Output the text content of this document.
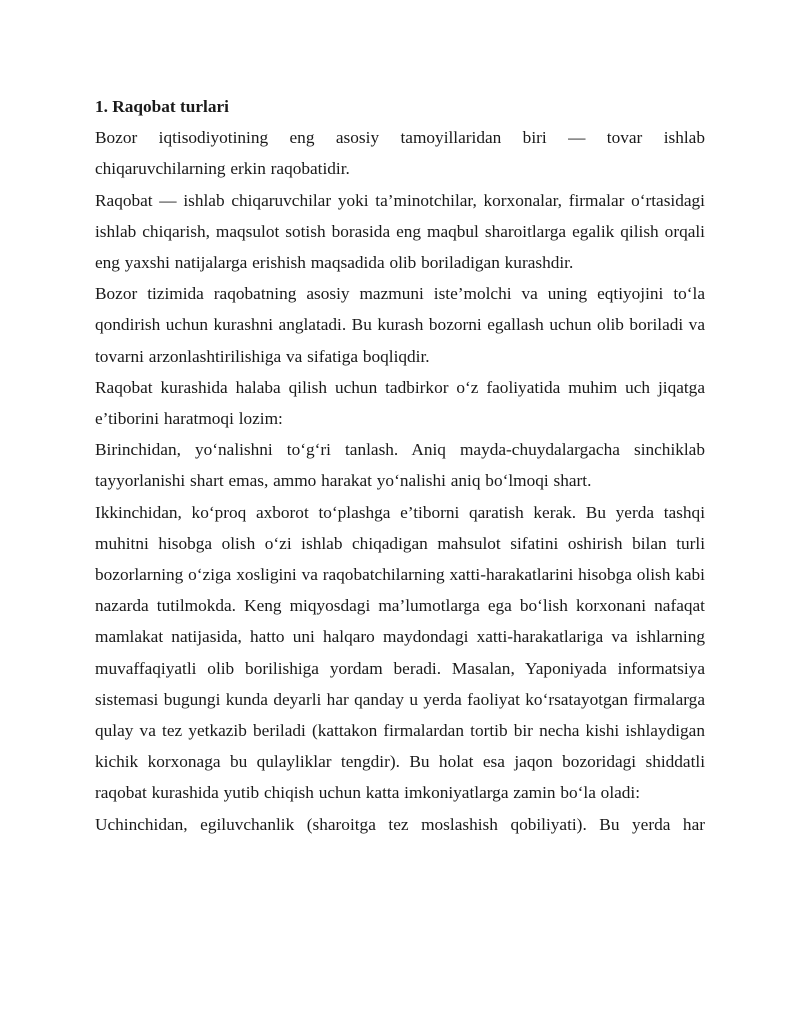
1. Raqobat turlari

Bozor iqtisodiyotining eng asosiy tamoyillaridan biri — tovar ishlab chiqaruvchilarning erkin raqobatidir.

Raqobat — ishlab chiqaruvchilar yoki ta’minotchilar, korxonalar, firmalar o‘rtasidagi ishlab chiqarish, maqsulot sotish borasida eng maqbul sharoitlarga egalik qilish orqali eng yaxshi natijalarga erishish maqsadida olib boriladigan kurashdir.

Bozor tizimida raqobatning asosiy mazmuni iste’molchi va uning eqtiyojini to‘la qondirish uchun kurashni anglatadi. Bu kurash bozorni egallash uchun olib boriladi va tovarni arzonlashtirilishiga va sifatiga boqliqdir.

Raqobat kurashida halaba qilish uchun tadbirkor o‘z faoliyatida muhim uch jiqatga e’tiborini haratmoqi lozim:

Birinchidan, yo‘nalishni to‘g‘ri tanlash. Aniq mayda-chuydalargacha sinchiklab tayyorlanishi shart emas, ammo harakat yo‘nalishi aniq bo‘lmoqi shart.

Ikkinchidan, ko‘proq axborot to‘plashga e’tiborni qaratish kerak. Bu yerda tashqi muhitni hisobga olish o‘zi ishlab chiqadigan mahsulot sifatini oshirish bilan turli bozorlarning o‘ziga xosligini va raqobatchilarning xatti-harakatlarini hisobga olish kabi nazarda tutilmokda. Keng miqyosdagi ma’lumotlarga ega bo‘lish korxonani nafaqat mamlakat natijasida, hatto uni halqaro maydondagi xatti-harakatlariga va ishlarning muvaffaqiyatli olib borilishiga yordam beradi. Masalan, Yaponiyada informatsiya sistemasi bugungi kunda deyarli har qanday u yerda faoliyat ko‘rsatayotgan firmalarga qulay va tez yetkazib beriladi (kattakon firmalardan tortib bir necha kishi ishlaydigan kichik korxonaga bu qulayliklar tengdir). Bu holat esa jaqon bozoridagi shiddatli raqobat kurashida yutib chiqish uchun katta imkoniyatlarga zamin bo‘la oladi:

Uchinchidan, egiluvchanlik (sharoitga tez moslashish qobiliyati). Bu yerda har
